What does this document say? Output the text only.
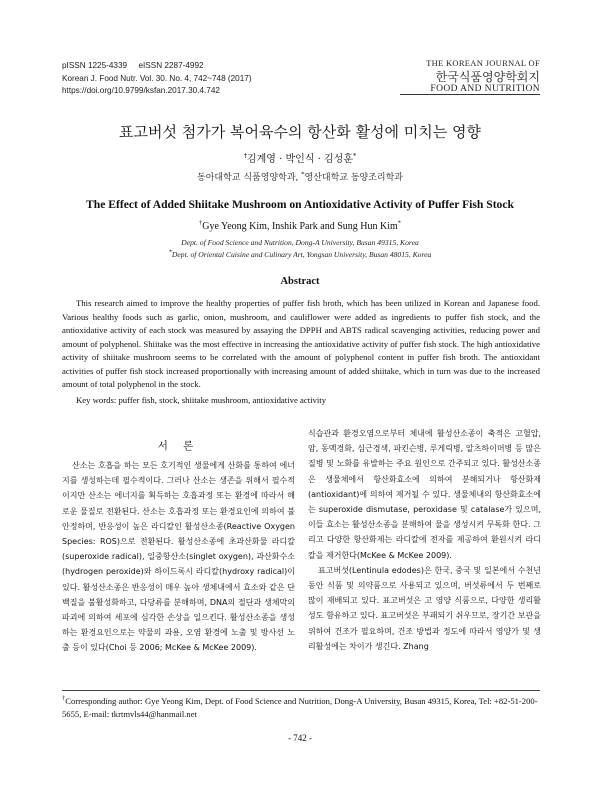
pISSN 1225-4339     eISSN 2287-4992
Korean J. Food Nutr. Vol. 30. No. 4, 742~748 (2017)
https://doi.org/10.9799/ksfan.2017.30.4.742
THE KOREAN JOURNAL OF
한국식품영양학회지
FOOD AND NUTRITION
표고버섯 첨가가 복어육수의 항산화 활성에 미치는 영향
†김계영 · 박인식 · 김성훈*
동아대학교 식품영양학과, *영산대학교 동양조리학과
The Effect of Added Shiitake Mushroom on Antioxidative Activity of Puffer Fish Stock
†Gye Yeong Kim, Inshik Park and Sung Hun Kim*
Dept. of Food Science and Nutrition, Dong-A University, Busan 49315, Korea
*Dept. of Oriental Cuisine and Culinary Art, Yongsan University, Busan 48015, Korea
Abstract
This research aimed to improve the healthy properties of puffer fish broth, which has been utilized in Korean and Japanese food. Various healthy foods such as garlic, onion, mushroom, and cauliflower were added as ingredients to puffer fish stock, and the antioxidative activity of each stock was measured by assaying the DPPH and ABTS radical scavenging activities, reducing power and amount of polyphenol. Shiitake was the most effective in increasing the antioxidative activity of puffer fish stock. The high antioxidative activity of shiitake mushroom seems to be correlated with the amount of polyphenol content in puffer fish broth. The antioxidant activities of puffer fish stock increased proportionally with increasing amount of added shiitake, which in turn was due to the increased amount of total polyphenol in the stock.
Key words: puffer fish, stock, shiitake mushroom, antioxidative activity
서 론
산소는 호흡을 하는 모든 호기적인 생물에게 산화를 통하여 에너지를 생성하는데 필수적이다. 그러나 산소는 생존을 위해서 필수적이지만 산소는 에너지를 획득하는 호흡과정 또는 환경에 따라서 해로운 물질로 전환된다. 산소는 호흡과정 또는 환경요인에 의하여 불안정하며, 반응성이 높은 라디칼인 활성산소종(Reactive Oxygen Species: ROS)으로 전환된다. 활성산소종에 초과산화물 라디칼(superoxide radical), 일중항산소(singlet oxygen), 과산화수소(hydrogen peroxide)와 하이드록시 라디칼(hydroxy radical)이 있다. 활성산소종은 반응성이 매우 높아 생체내에서 효소와 같은 단백질을 불활성화하고, 다당류를 분해하며, DNA의 절단과 생체막의 파괴에 의하여 세포에 심각한 손상을 일으킨다. 활성산소종을 생성하는 환경요인으로는 약물의 과용, 오염 환경에 노출 및 방사선 노출 등이 있다(Choi 등 2006; McKee & McKee 2009).

식습관과 환경오염으로부터 체내에 활성산소종이 축적은 고혈압, 암, 동맥경화, 심근경색, 파킨슨병, 루게릭병, 알츠하이머병 등 많은 질병 및 노화를 유발하는 주요 원인으로 간주되고 있다. 활성산소종은 생물체에서 항산화효소에 의하여 분해되거나 항산화제(antioxidant)에 의하여 제거될 수 있다. 생물체내의 항산화효소에는 superoxide dismutase, peroxidase 및 catalase가 있으며, 이들 효소는 활성산소종을 분해하여 물을 생성시켜 무독화 한다. 그리고 다양한 항산화제는 라디칼에 전자를 제공하여 환원시켜 라디칼을 제거한다(McKee & McKee 2009).

표고버섯(Lentinula edodes)은 한국, 중국 및 일본에서 수천년 동안 식품 및 의약품으로 사용되고 있으며, 버섯류에서 두 번째로 많이 재배되고 있다. 표고버섯은 고 영양 식품으로, 다양한 생리활성도 함유하고 있다. 표고버섯은 부패되기 쉬우므로, 장기간 보관을 위하여 건조가 필요하며, 건조 방법과 정도에 따라서 영양가 및 생리활성에는 차이가 생긴다. Zhang

†Corresponding author: Gye Yeong Kim, Dept. of Food Science and Nutrition, Dong-A University, Busan 49315, Korea, Tel: +82-51-200-5655, E-mail: tkrtmvls44@hanmail.net
- 742 -
